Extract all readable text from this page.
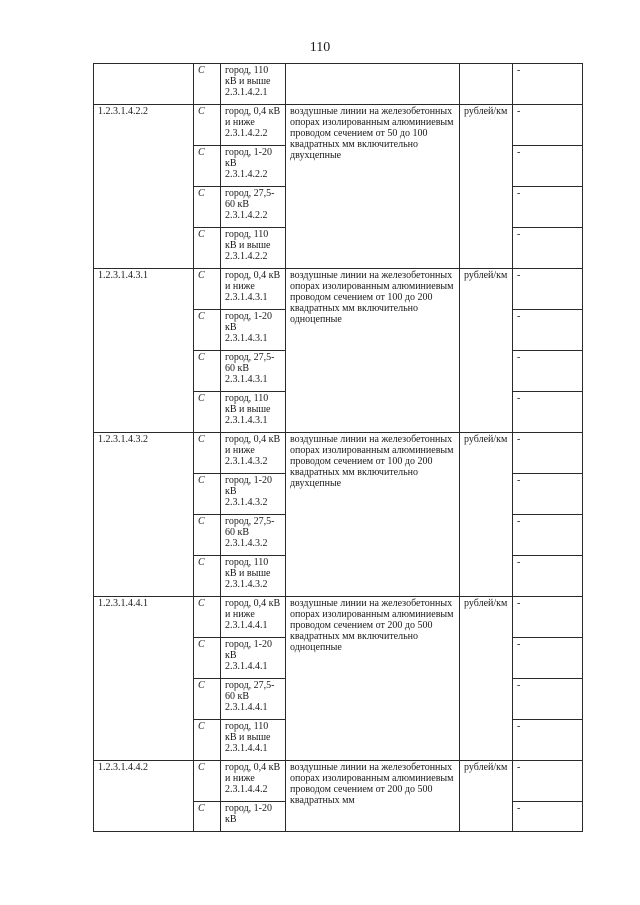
110
	С	город, 110 кВ и выше 2.3.1.4.2.1			-
1.2.3.1.4.2.2	С	город, 0,4 кВ и ниже 2.3.1.4.2.2	воздушные линии на железобетонных опорах изолированным алюминиевым проводом сечением от 50 до 100 квадратных мм включительно двухцепные	рублей/км	-
	С	город, 1-20 кВ 2.3.1.4.2.2			-
	С	город, 27,5-60 кВ 2.3.1.4.2.2			-
	С	город, 110 кВ и выше 2.3.1.4.2.2			-
1.2.3.1.4.3.1	С	город, 0,4 кВ и ниже 2.3.1.4.3.1	воздушные линии на железобетонных опорах изолированным алюминиевым проводом сечением от 100 до 200 квадратных мм включительно одноцепные	рублей/км	-
	С	город, 1-20 кВ 2.3.1.4.3.1			-
	С	город, 27,5-60 кВ 2.3.1.4.3.1			-
	С	город, 110 кВ и выше 2.3.1.4.3.1			-
1.2.3.1.4.3.2	С	город, 0,4 кВ и ниже 2.3.1.4.3.2	воздушные линии на железобетонных опорах изолированным алюминиевым проводом сечением от 100 до 200 квадратных мм включительно двухцепные	рублей/км	-
	С	город, 1-20 кВ 2.3.1.4.3.2			-
	С	город, 27,5-60 кВ 2.3.1.4.3.2			-
	С	город, 110 кВ и выше 2.3.1.4.3.2			-
1.2.3.1.4.4.1	С	город, 0,4 кВ и ниже 2.3.1.4.4.1	воздушные линии на железобетонных опорах изолированным алюминиевым проводом сечением от 200 до 500 квадратных мм включительно одноцепные	рублей/км	-
	С	город, 1-20 кВ 2.3.1.4.4.1			-
	С	город, 27,5-60 кВ 2.3.1.4.4.1			-
	С	город, 110 кВ и выше 2.3.1.4.4.1			-
1.2.3.1.4.4.2	С	город, 0,4 кВ и ниже 2.3.1.4.4.2	воздушные линии на железобетонных опорах изолированным алюминиевым проводом сечением от 200 до 500 квадратных мм	рублей/км	-
	С	город, 1-20 кВ			-
